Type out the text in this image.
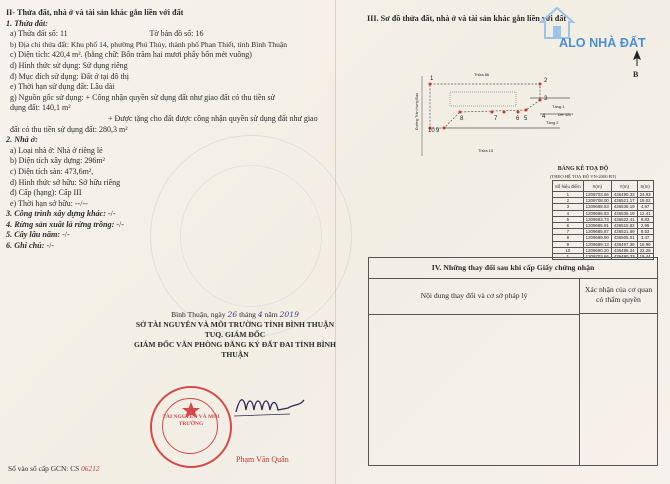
II- Thửa đất, nhà ở và tài sản khác gắn liền với đất
1. Thửa đất:
a) Thửa đất số: 11	Tờ bản đồ số: 16
b) Địa chỉ thửa đất: Khu phố 14, phường Phú Thủy, thành phố Phan Thiết, tỉnh Bình Thuận
c) Diện tích: 420,4 m². (bằng chữ: Bốn trăm hai mươi phẩy bốn mét vuông)
d) Hình thức sử dụng: Sử dụng riêng
đ) Mục đích sử dụng: Đất ở tại đô thị
e) Thời hạn sử dụng đất: Lâu dài
g) Nguồn gốc sử dụng: + Công nhận quyền sử dụng đất như giao đất có thu tiền sử
dụng đất: 140,1 m²
+ Được tặng cho đất được công nhận quyền sử dụng đất như giao
đất có thu tiền sử dụng đất: 280,3 m²
2. Nhà ở:
a) Loại nhà ở: Nhà ở riêng lẻ
b) Diện tích xây dựng: 296m²
c) Diện tích sàn: 473,6m²,
d) Hình thức sở hữu: Sở hữu riêng
đ) Cấp (hạng): Cấp III
e) Thời hạn sở hữu: --/--
3. Công trình xây dựng khác: -/-
4. Rừng sản xuất là rừng trồng: -/-
5. Cây lâu năm: -/-
6. Ghi chú: -/-
Bình Thuận, ngày 26 tháng 4 năm 2019
SỞ TÀI NGUYÊN VÀ MÔI TRƯỜNG TỈNH BÌNH THUẬN
TUQ. GIÁM ĐỐC
GIÁM ĐỐC VĂN PHÒNG ĐĂNG KÝ ĐẤT ĐAI TỈNH BÌNH THUẬN
TÀI NGUYÊN VÀ MÔI TRƯỜNG
Phạm Văn Quân
Số vào sổ cấp GCN: CS 06212
III. Sơ đồ thửa đất, nhà ở và tài sản khác gắn liền với đất
ALO NHÀ ĐẤT
B
1
Thửa 86
2
3
4
5
6
7
8
9
10
Tầng 1
Tầng 2
DH: 420ᵐ
Thửa 13
Đường Trần Hưng Đạo
BẢNG KÊ TOẠ ĐỘ
(THEO HỆ TOẠ ĐỘ VN-2000 BT)
Số hiệu điểm	X(m)	Y(m)	S(m)
1	1209703.66	436490.33	24.93
2	1209708.00	436521.17	15.02
3	1209688.53	436539.19	4.97
4	1209686.83	436536.19	12.41
5	1209683.73	436522.41	9.83
6	1209685.91	436515.82	2.95
7	1209685.87	436521.59	8.53
8	1209689.90	436505.01	3.47
9	1209689.13	436497.39	16.99
10	1209690.20	436496.34	22.28
1	1209703.66	436490.33	19.44
IV. Những thay đổi sau khi cấp Giấy chứng nhận
Nội dung thay đổi và cơ sở pháp lý
Xác nhận của cơ quan
có thẩm quyền
